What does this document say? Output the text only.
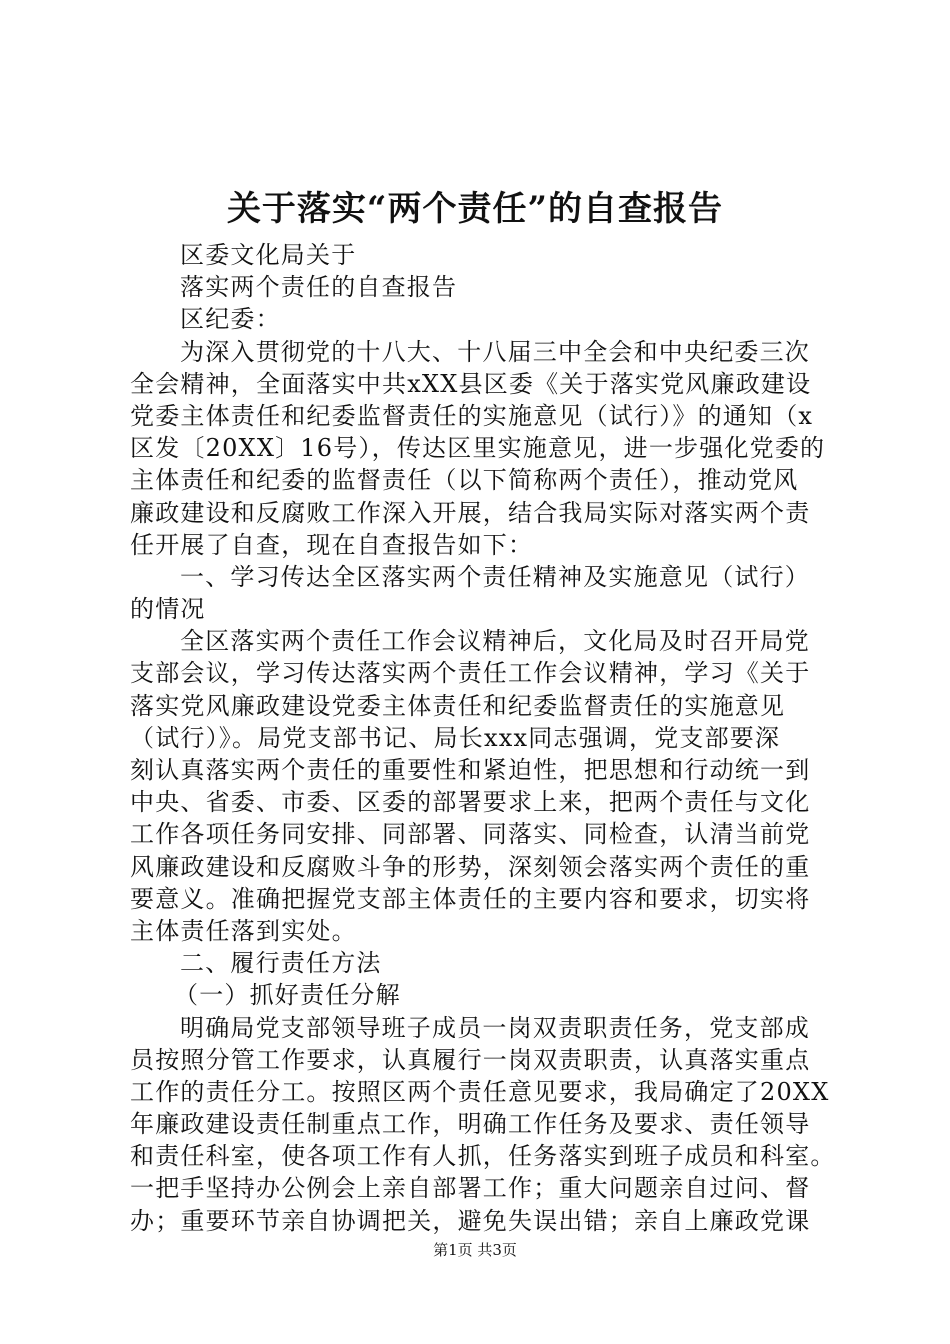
关于落实“两个责任”的自查报告
区委文化局关于
落实两个责任的自查报告
区纪委：
为深入贯彻党的十八大、十八届三中全会和中央纪委三次
全会精神，全面落实中共xXX县区委《关于落实党风廉政建设
党委主体责任和纪委监督责任的实施意见（试行）》的通知（x
区发〔20XX〕16号），传达区里实施意见，进一步强化党委的
主体责任和纪委的监督责任（以下简称两个责任），推动党风
廉政建设和反腐败工作深入开展，结合我局实际对落实两个责
任开展了自查，现在自查报告如下：
一、学习传达全区落实两个责任精神及实施意见（试行）
的情况
全区落实两个责任工作会议精神后，文化局及时召开局党
支部会议，学习传达落实两个责任工作会议精神，学习《关于
落实党风廉政建设党委主体责任和纪委监督责任的实施意见
（试行）》。局党支部书记、局长xxx同志强调，党支部要深
刻认真落实两个责任的重要性和紧迫性，把思想和行动统一到
中央、省委、市委、区委的部署要求上来，把两个责任与文化
工作各项任务同安排、同部署、同落实、同检查，认清当前党
风廉政建设和反腐败斗争的形势，深刻领会落实两个责任的重
要意义。准确把握党支部主体责任的主要内容和要求，切实将
主体责任落到实处。
二、履行责任方法
（一）抓好责任分解
明确局党支部领导班子成员一岗双责职责任务，党支部成
员按照分管工作要求，认真履行一岗双责职责，认真落实重点
工作的责任分工。按照区两个责任意见要求，我局确定了20XX
年廉政建设责任制重点工作，明确工作任务及要求、责任领导
和责任科室，使各项工作有人抓，任务落实到班子成员和科室。
一把手坚持办公例会上亲自部署工作；重大问题亲自过问、督
办；重要环节亲自协调把关，避免失误出错；亲自上廉政党课
第1页 共3页
